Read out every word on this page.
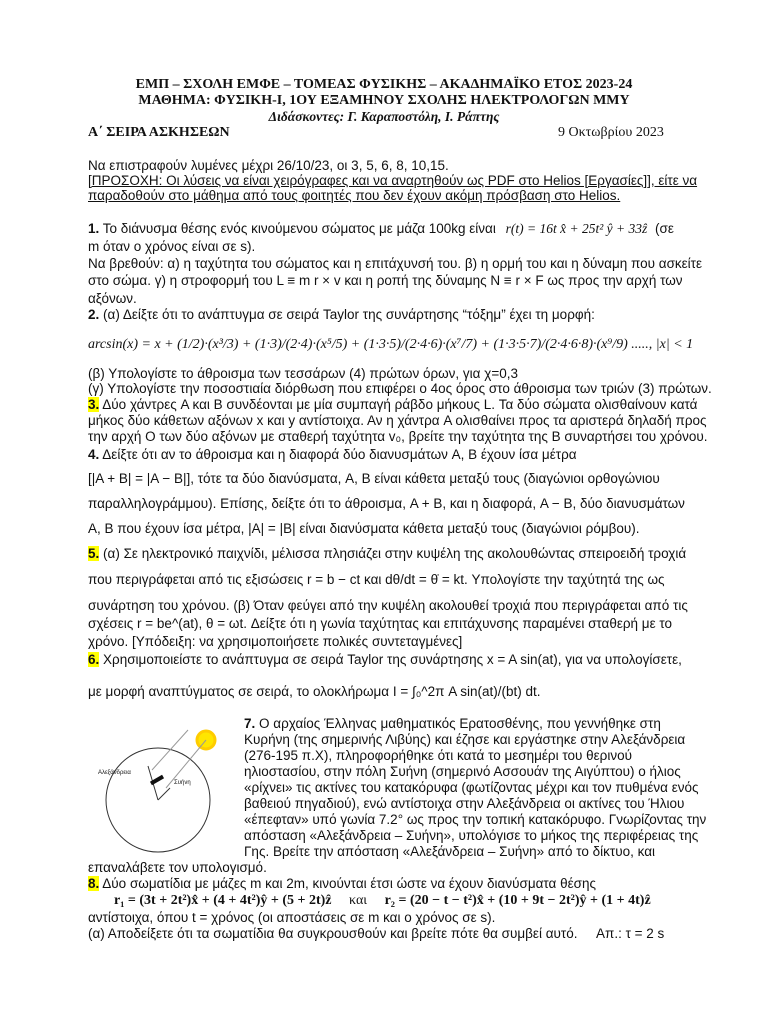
ΕΜΠ – ΣΧΟΛΗ ΕΜΦΕ – ΤΟΜΕΑΣ ΦΥΣΙΚΗΣ – ΑΚΑΔΗΜΑΪΚΟ ΕΤΟΣ 2023-24
ΜΑΘΗΜΑ: ΦΥΣΙΚΗ-Ι, 1ΟΥ ΕΞΑΜΗΝΟΥ ΣΧΟΛΗΣ ΗΛΕΚΤΡΟΛΟΓΩΝ ΜΜΥ
Διδάσκοντες: Γ. Καραποστόλη, Ι. Ράπτης
Α΄ ΣΕΙΡΑ ΑΣΚΗΣΕΩΝ	9 Οκτωβρίου 2023
Να επιστραφούν λυμένες μέχρι 26/10/23, οι 3, 5, 6, 8, 10,15.
[ΠΡΟΣΟΧΗ: Οι λύσεις να είναι χειρόγραφες και να αναρτηθούν ως PDF στο Helios [Εργασίες]], είτε να
παραδοθούν στο μάθημα από τους φοιτητές που δεν έχουν ακόμη πρόσβαση στο Helios.
1. Το διάνυσμα θέσης ενός κινούμενου σώματος με μάζα 100kg είναι r(t) = 16t x̂ + 25t² ŷ + 33ẑ (σε
m όταν ο χρόνος είναι σε s).
Να βρεθούν: α) η ταχύτητα του σώματος και η επιτάχυνσή του. β) η ορμή του και η δύναμη που ασκείτε
στο σώμα. γ) η στροφορμή του L ≡ m r × v και η ροπή της δύναμης N ≡ r × F ως προς την αρχή των
αξόνων.
2. (α) Δείξτε ότι το ανάπτυγμα σε σειρά Taylor της συνάρτησης “τόξημ” έχει τη μορφή:
arcsin(x) = x + (1/2)·(x³/3) + (1·3)/(2·4)·(x⁵/5) + (1·3·5)/(2·4·6)·(x⁷/7) + (1·3·5·7)/(2·4·6·8)·(x⁹/9) ....., |x| < 1
(β) Υπολογίστε το άθροισμα των τεσσάρων (4) πρώτων όρων, για χ=0,3
(γ) Υπολογίστε την ποσοστιαία διόρθωση που επιφέρει ο 4ος όρος στο άθροισμα των τριών (3) πρώτων.
3. Δύο χάντρες A και B συνδέονται με μία συμπαγή ράβδο μήκους L. Τα δύο σώματα ολισθαίνουν κατά
μήκος δύο κάθετων αξόνων x και y αντίστοιχα. Αν η χάντρα A ολισθαίνει προς τα αριστερά δηλαδή προς
την αρχή O των δύο αξόνων με σταθερή ταχύτητα v₀, βρείτε την ταχύτητα της B συναρτήσει του χρόνου.
4. Δείξτε ότι αν το άθροισμα και η διαφορά δύο διανυσμάτων A, B έχουν ίσα μέτρα
[|A + B| = |A − B|], τότε τα δύο διανύσματα, A, B είναι κάθετα μεταξύ τους (διαγώνιοι ορθογώνιου
παραλληλογράμμου). Επίσης, δείξτε ότι το άθροισμα, A + B, και η διαφορά, A − B, δύο διανυσμάτων
A, B που έχουν ίσα μέτρα, |A| = |B| είναι διανύσματα κάθετα μεταξύ τους (διαγώνιοι ρόμβου).
5. (α) Σε ηλεκτρονικό παιχνίδι, μέλισσα πλησιάζει στην κυψέλη της ακολουθώντας σπειροειδή τροχιά
που περιγράφεται από τις εξισώσεις r = b − ct και dθ/dt = θ̇ = kt. Υπολογίστε την ταχύτητά της ως
συνάρτηση του χρόνου. (β) Όταν φεύγει από την κυψέλη ακολουθεί τροχιά που περιγράφεται από τις
σχέσεις r = be^(at), θ = ωt. Δείξτε ότι η γωνία ταχύτητας και επιτάχυνσης παραμένει σταθερή με το
χρόνο. [Υπόδειξη: να χρησιμοποιήσετε πολικές συντεταγμένες]
6. Χρησιμοποιείστε το ανάπτυγμα σε σειρά Taylor της συνάρτησης x = A sin(at), για να υπολογίσετε,
με μορφή αναπτύγματος σε σειρά, το ολοκλήρωμα I = ∫₀^2π A sin(at)/(bt) dt.
Αλεξάνδρεια
Συήνη
7. Ο αρχαίος Έλληνας μαθηματικός Ερατοσθένης, που γεννήθηκε στη
Κυρήνη (της σημερινής Λιβύης) και έζησε και εργάστηκε στην Αλεξάνδρεια
(276-195 π.Χ), πληροφορήθηκε ότι κατά το μεσημέρι του θερινού
ηλιοστασίου, στην πόλη Συήνη (σημερινό Ασσουάν της Αιγύπτου) ο ήλιος
«ρίχνει» τις ακτίνες του κατακόρυφα (φωτίζοντας μέχρι και τον πυθμένα ενός
βαθειού πηγαδιού), ενώ αντίστοιχα στην Αλεξάνδρεια οι ακτίνες του Ήλιου
«έπεφταν» υπό γωνία 7.2° ως προς την τοπική κατακόρυφο. Γνωρίζοντας την
απόσταση «Αλεξάνδρεια – Συήνη», υπολόγισε το μήκος της περιφέρειας της
Γης. Βρείτε την απόσταση «Αλεξάνδρεια – Συήνη» από το δίκτυο, και
επαναλάβετε τον υπολογισμό.
8. Δύο σωματίδια με μάζες m και 2m, κινούνται έτσι ώστε να έχουν διανύσματα θέσης
r₁ = (3t + 2t²)x̂ + (4 + 4t²)ŷ + (5 + 2t)ẑ και r₂ = (20 − t − t²)x̂ + (10 + 9t − 2t²)ŷ + (1 + 4t)ẑ
αντίστοιχα, όπου t = χρόνος (οι αποστάσεις σε m και ο χρόνος σε s).
(α) Αποδείξετε ότι τα σωματίδια θα συγκρουσθούν και βρείτε πότε θα συμβεί αυτό.	Απ.: τ = 2 s
